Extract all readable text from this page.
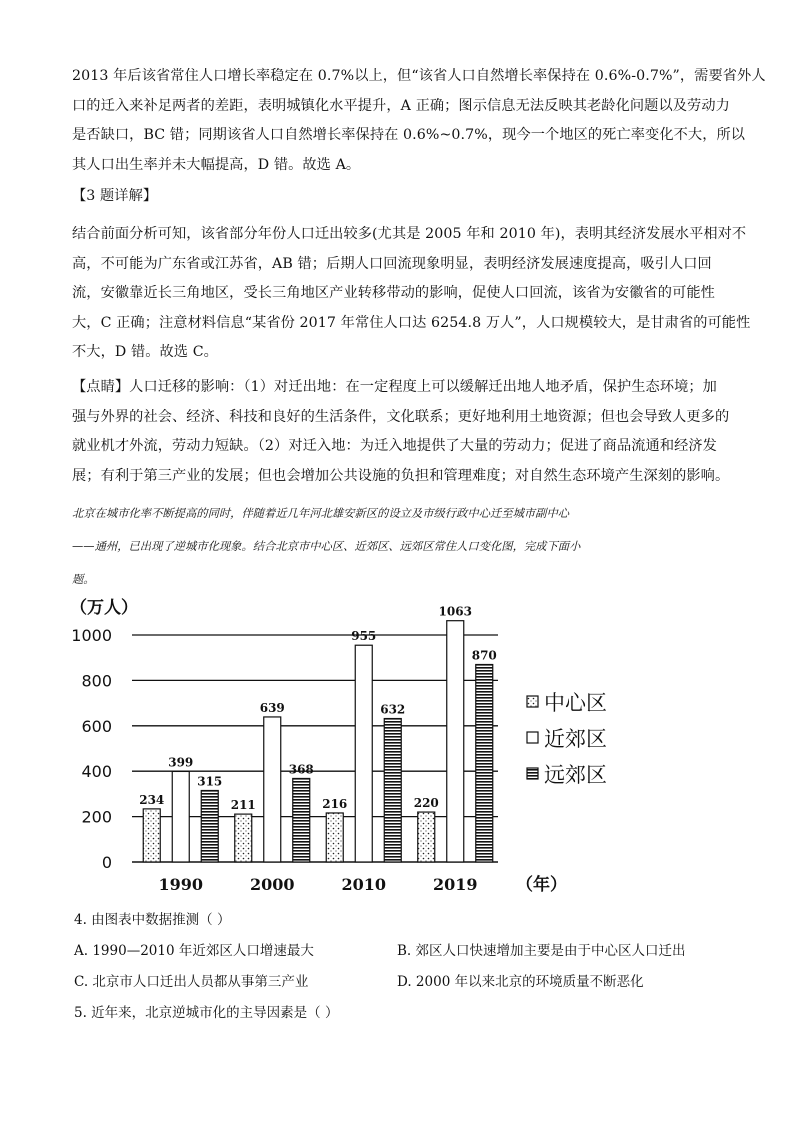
2013 年后该省常住人口增长率稳定在 0.7%以上，但“该省人口自然增长率保持在 0.6%-0.7%”，需要省外人
口的迁入来补足两者的差距，表明城镇化水平提升，A 正确；图示信息无法反映其老龄化问题以及劳动力
是否缺口，BC 错；同期该省人口自然增长率保持在 0.6%~0.7%，现今一个地区的死亡率变化不大，所以
其人口出生率并未大幅提高，D 错。故选 A。
【3 题详解】
结合前面分析可知，该省部分年份人口迁出较多(尤其是 2005 年和 2010 年)，表明其经济发展水平相对不
高，不可能为广东省或江苏省，AB 错；后期人口回流现象明显，表明经济发展速度提高，吸引人口回
流，安徽靠近长三角地区，受长三角地区产业转移带动的影响，促使人口回流，该省为安徽省的可能性
大，C 正确；注意材料信息“某省份 2017 年常住人口达 6254.8 万人”，人口规模较大，是甘肃省的可能性
不大，D 错。故选 C。
【点睛】人口迁移的影响：（1）对迁出地：在一定程度上可以缓解迁出地人地矛盾，保护生态环境；加
强与外界的社会、经济、科技和良好的生活条件，文化联系；更好地利用土地资源；但也会导致人更多的
就业机才外流，劳动力短缺。（2）对迁入地：为迁入地提供了大量的劳动力；促进了商品流通和经济发
展；有利于第三产业的发展；但也会增加公共设施的负担和管理难度；对自然生态环境产生深刻的影响。
北京在城市化率不断提高的同时，伴随着近几年河北雄安新区的设立及市级行政中心迁至城市副中心
——通州，已出现了逆城市化现象。结合北京市中心区、近郊区、远郊区常住人口变化图，完成下面小
题。
（万人）
0
200
400
600
800
1000
234
399
315
1990
211
639
368
2000
216
955
632
2010
220
1063
870
2019 （年）
中心区
近郊区
远郊区

4. 由图表中数据推测（ ）

A. 1990—2010 年近郊区人口增速最大	B. 郊区人口快速增加主要是由于中心区人口迁出

C. 北京市人口迁出人员都从事第三产业	D. 2000 年以来北京的环境质量不断恶化

5. 近年来，北京逆城市化的主导因素是（ ）
